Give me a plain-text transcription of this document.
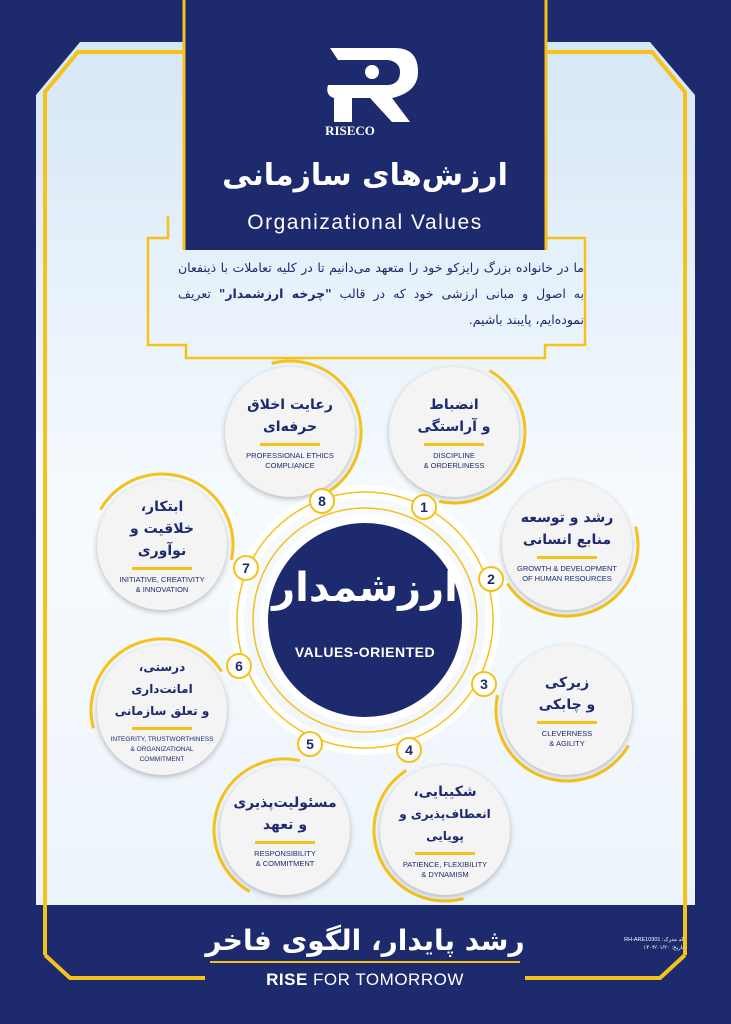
RISECO
ارزش‌های سازمانی
Organizational Values
ما در خانواده بزرگ رایزکو خود را متعهد می‌دانیم تا در کلیه تعاملات با ذینفعان به اصول و مبانی ارزشی خود که در قالب "چرخه ارزشمدار" تعریف نموده‌ایم، پایبند باشیم.
ارزشمدار
VALUES-ORIENTED
انضباط
و آراستگی
DISCIPLINE
& ORDERLINESS
رشد و توسعه
منابع انسانی
GROWTH & DEVELOPMENT
OF HUMAN RESOURCES
زیرکی
و چابکی
CLEVERNESS
& AGILITY
شکیبایی،
انعطاف‌پذیری و پویایی
PATIENCE, FLEXIBILITY
& DYNAMISM
مسئولیت‌پذیری
و تعهد
RESPONSIBILITY
& COMMITMENT
درستی، امانت‌داری
و تعلق سازمانی
INTEGRITY, TRUSTWORTHINESS
& ORGANIZATIONAL
COMMITMENT
ابتکار،
خلاقیت و نوآوری
INITIATIVE, CREATIVITY
& INNOVATION
رعایت اخلاق
حرفه‌ای
PROFESSIONAL ETHICS
COMPLIANCE
1
2
3
4
5
6
7
8
رشد پایدار، الگوی فاخر
RISE FOR TOMORROW
کد مدرک: RH-ARE10301
تاریخ: ۱۴۰۳/۰۱/۲۰
